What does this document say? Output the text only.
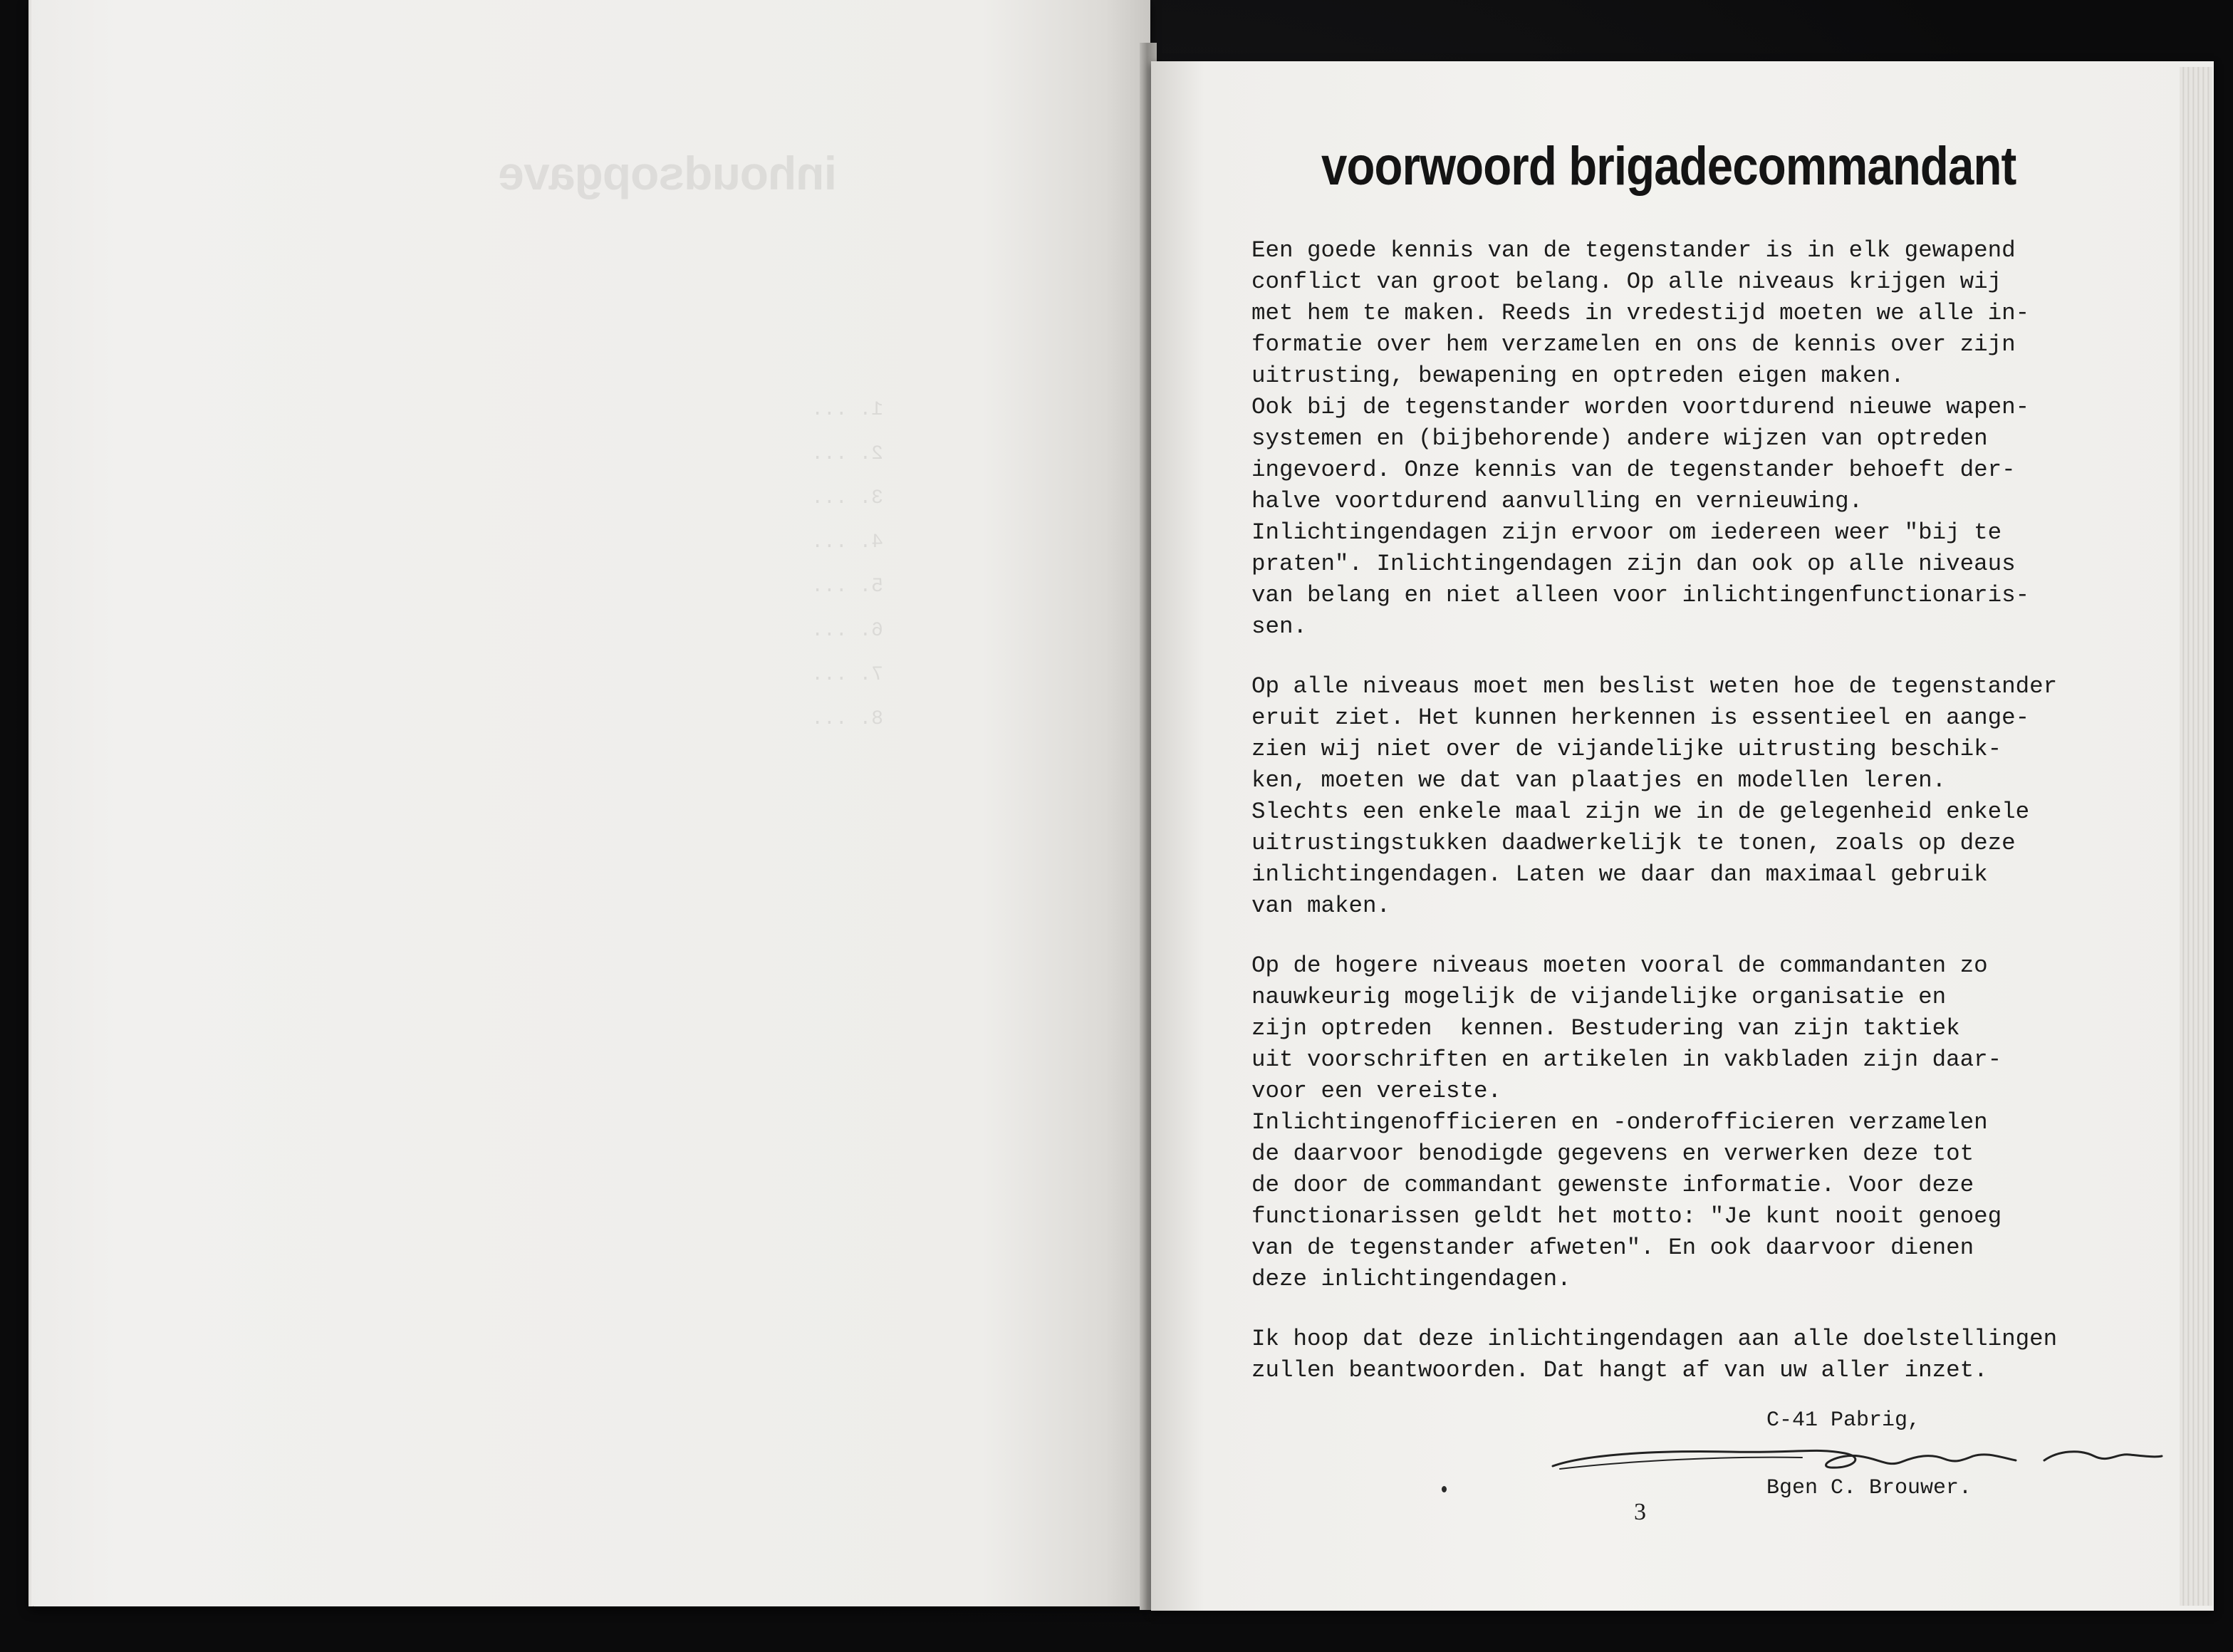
inhoudsopgave
1. ...
2. ...
3. ...
4. ...
5. ...
6. ...
7. ...
8. ...
voorwoord brigadecommandant

Een goede kennis van de tegenstander is in elk gewapend
conflict van groot belang. Op alle niveaus krijgen wij
met hem te maken. Reeds in vredestijd moeten we alle in-
formatie over hem verzamelen en ons de kennis over zijn
uitrusting, bewapening en optreden eigen maken.
Ook bij de tegenstander worden voortdurend nieuwe wapen-
systemen en (bijbehorende) andere wijzen van optreden
ingevoerd. Onze kennis van de tegenstander behoeft der-
halve voortdurend aanvulling en vernieuwing.
Inlichtingendagen zijn ervoor om iedereen weer "bij te
praten". Inlichtingendagen zijn dan ook op alle niveaus
van belang en niet alleen voor inlichtingenfunctionaris-
sen.

Op alle niveaus moet men beslist weten hoe de tegenstander
eruit ziet. Het kunnen herkennen is essentieel en aange-
zien wij niet over de vijandelijke uitrusting beschik-
ken, moeten we dat van plaatjes en modellen leren.
Slechts een enkele maal zijn we in de gelegenheid enkele
uitrustingstukken daadwerkelijk te tonen, zoals op deze
inlichtingendagen. Laten we daar dan maximaal gebruik
van maken.

Op de hogere niveaus moeten vooral de commandanten zo
nauwkeurig mogelijk de vijandelijke organisatie en
zijn optreden  kennen. Bestudering van zijn taktiek
uit voorschriften en artikelen in vakbladen zijn daar-
voor een vereiste.
Inlichtingenofficieren en -onderofficieren verzamelen
de daarvoor benodigde gegevens en verwerken deze tot
de door de commandant gewenste informatie. Voor deze
functionarissen geldt het motto: "Je kunt nooit genoeg
van de tegenstander afweten". En ook daarvoor dienen
deze inlichtingendagen.

Ik hoop dat deze inlichtingendagen aan alle doelstellingen
zullen beantwoorden. Dat hangt af van uw aller inzet.

C-41 Pabrig,
Bgen C. Brouwer.
3
